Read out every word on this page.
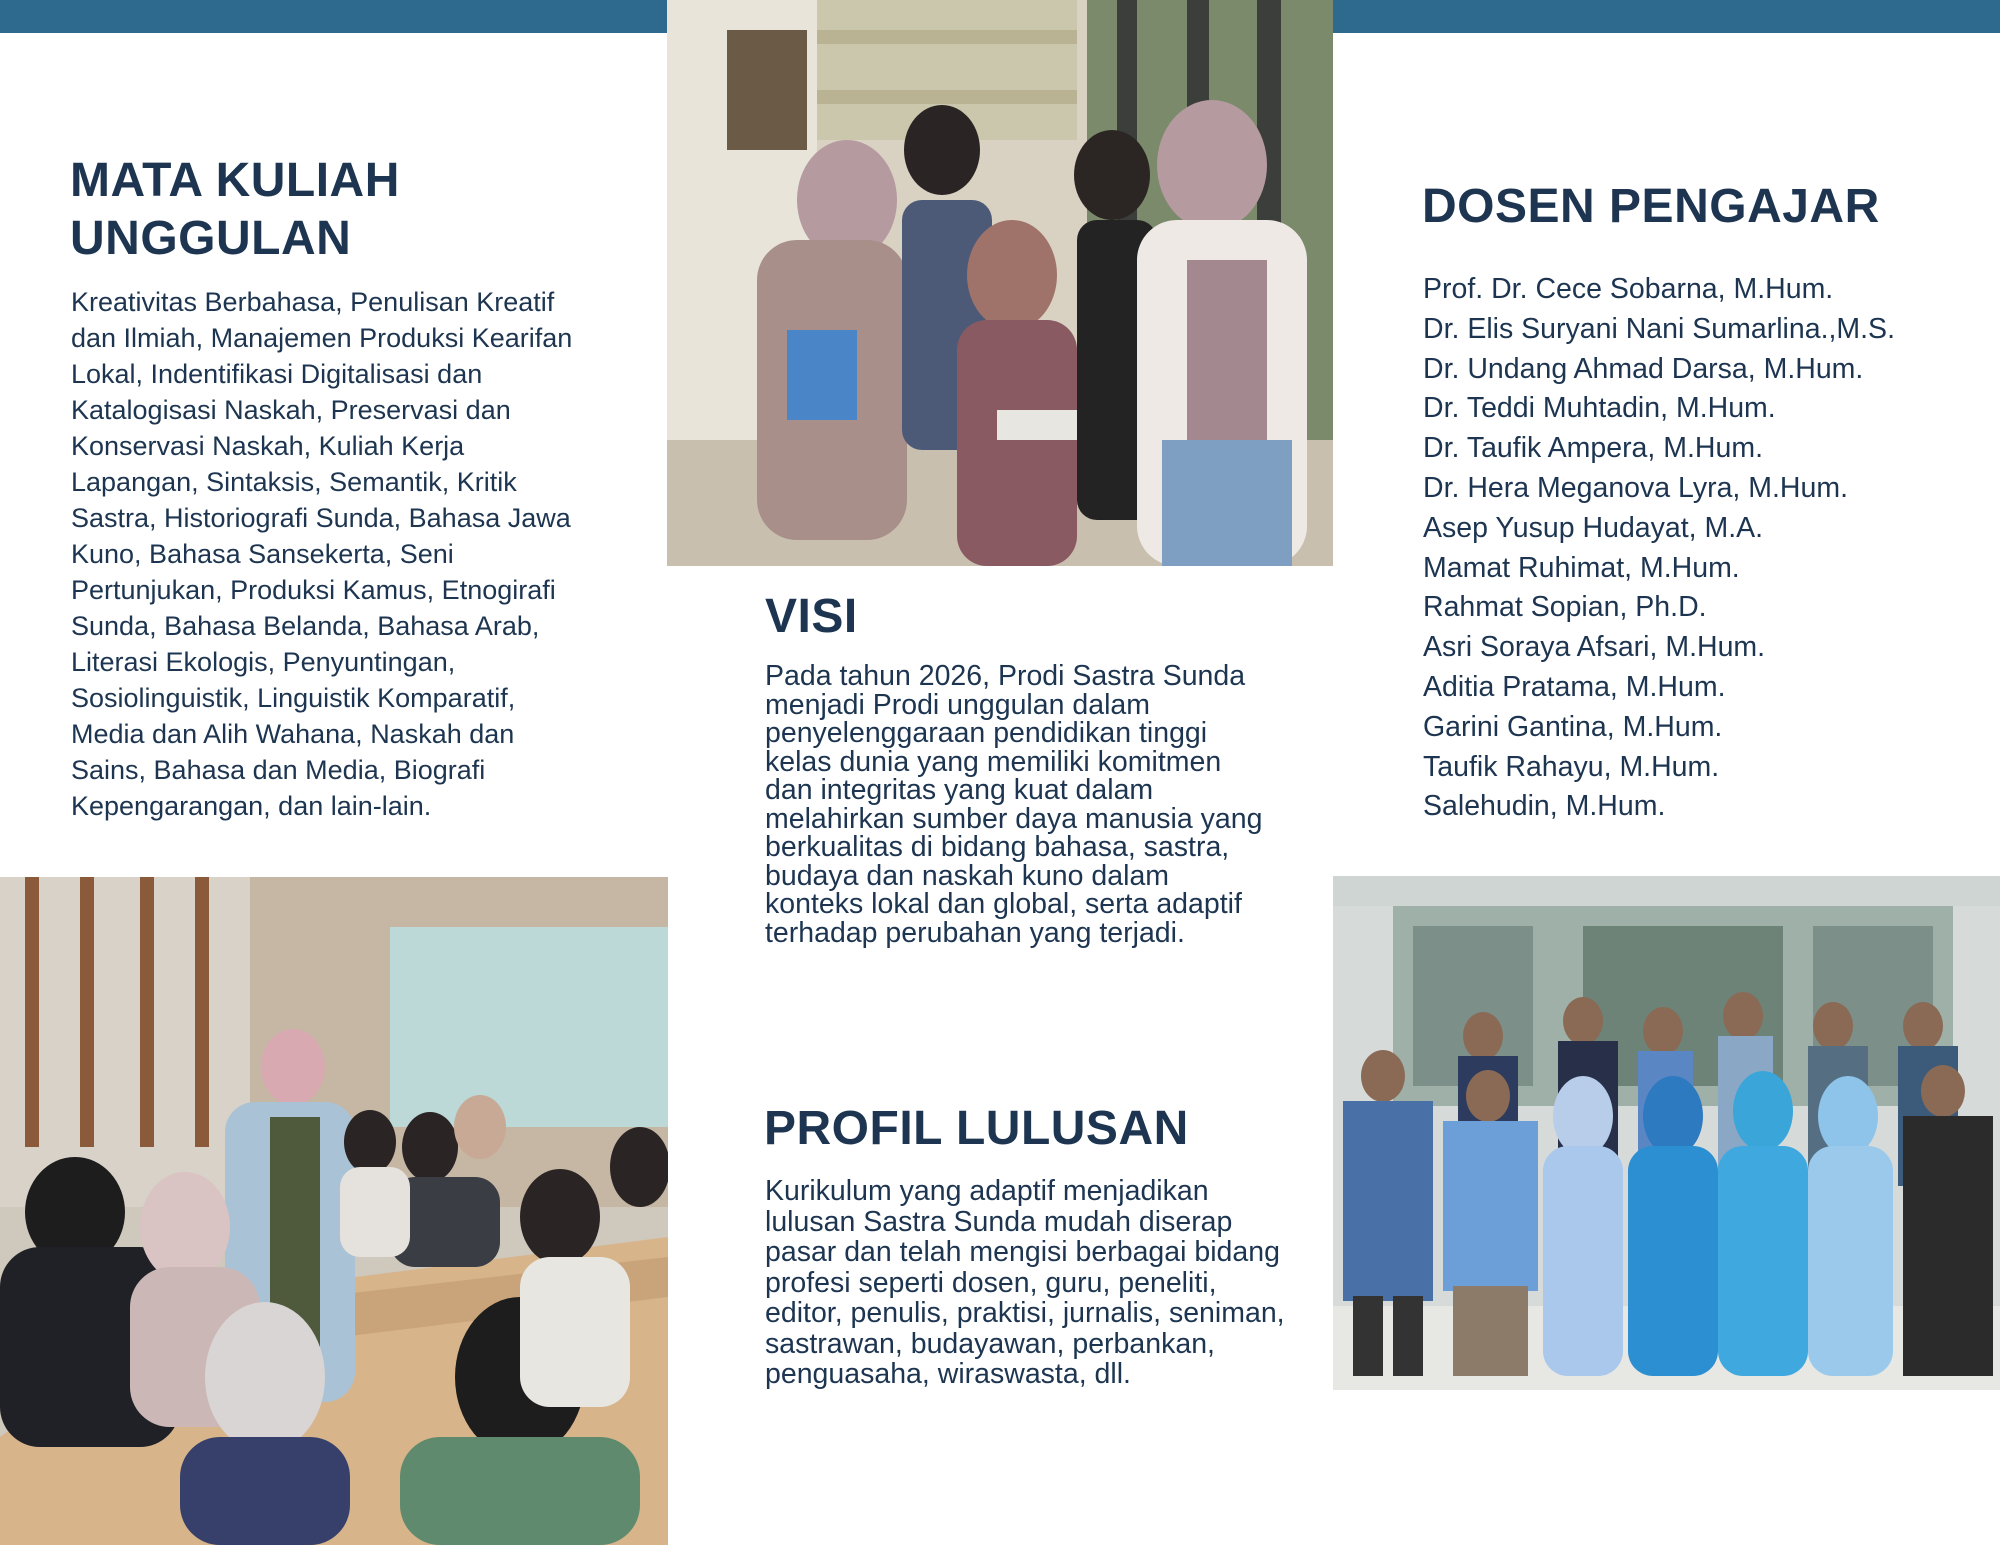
MATA KULIAH UNGGULAN

Kreativitas Berbahasa, Penulisan Kreatif dan Ilmiah, Manajemen Produksi Kearifan Lokal, Indentifikasi Digitalisasi dan Katalogisasi Naskah, Preservasi dan Konservasi Naskah, Kuliah Kerja Lapangan, Sintaksis, Semantik, Kritik Sastra, Historiografi Sunda, Bahasa Jawa Kuno, Bahasa Sansekerta, Seni Pertunjukan, Produksi Kamus, Etnogirafi Sunda, Bahasa Belanda, Bahasa Arab, Literasi Ekologis, Penyuntingan, Sosiolinguistik, Linguistik Komparatif, Media dan Alih Wahana, Naskah dan Sains, Bahasa dan Media, Biografi Kepengarangan, dan lain-lain.

VISI

Pada tahun 2026, Prodi Sastra Sunda menjadi Prodi unggulan dalam penyelenggaraan pendidikan tinggi kelas dunia yang memiliki komitmen dan integritas yang kuat dalam melahirkan sumber daya manusia yang berkualitas di bidang bahasa, sastra, budaya dan naskah kuno dalam konteks lokal dan global, serta adaptif terhadap perubahan yang terjadi.

PROFIL LULUSAN

Kurikulum yang adaptif menjadikan lulusan Sastra Sunda mudah diserap pasar dan telah mengisi berbagai bidang profesi seperti dosen, guru, peneliti, editor, penulis, praktisi, jurnalis, seniman, sastrawan, budayawan, perbankan, penguasaha, wiraswasta, dll.

DOSEN PENGAJAR
Prof. Dr. Cece Sobarna, M.Hum.
Dr. Elis Suryani Nani Sumarlina.,M.S.
Dr. Undang Ahmad Darsa, M.Hum.
Dr. Teddi Muhtadin, M.Hum.
Dr. Taufik Ampera, M.Hum.
Dr. Hera Meganova Lyra, M.Hum.
Asep Yusup Hudayat, M.A.
Mamat Ruhimat, M.Hum.
Rahmat Sopian, Ph.D.
Asri Soraya Afsari, M.Hum.
Aditia Pratama, M.Hum.
Garini Gantina, M.Hum.
Taufik Rahayu, M.Hum.
Salehudin, M.Hum.
